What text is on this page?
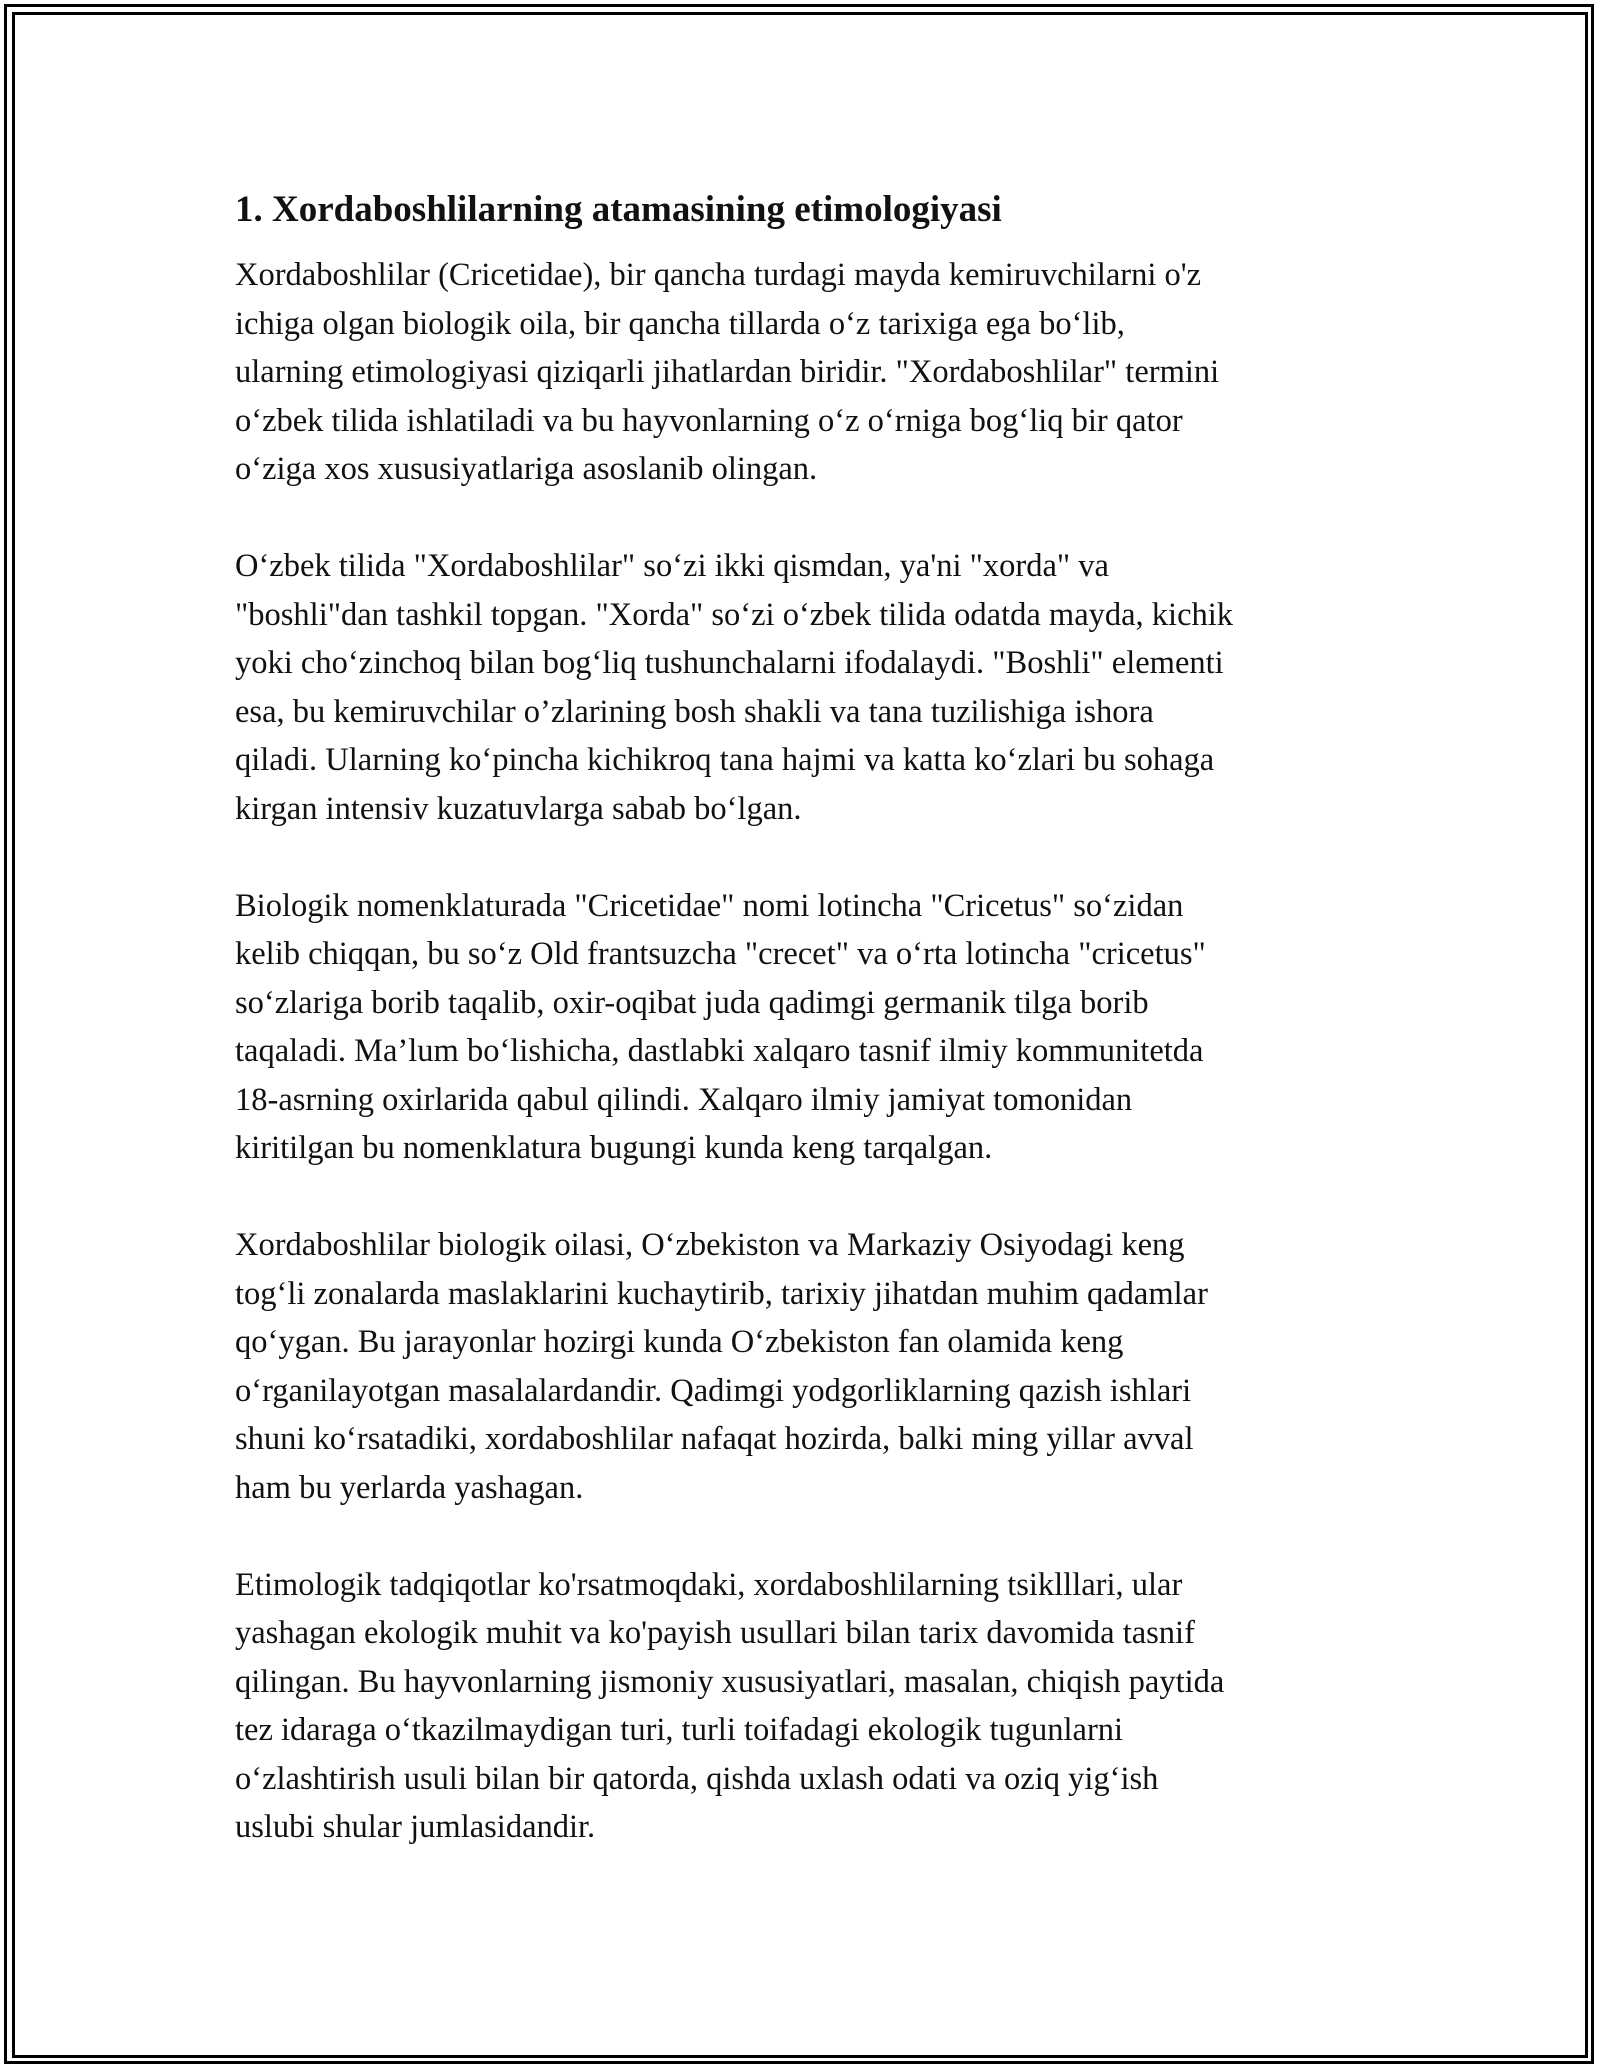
1. Xordaboshlilarning atamasining etimologiyasi

Xordaboshlilar (Cricetidae), bir qancha turdagi mayda kemiruvchilarni o'z
ichiga olgan biologik oila, bir qancha tillarda o‘z tarixiga ega bo‘lib,
ularning etimologiyasi qiziqarli jihatlardan biridir. "Xordaboshlilar" termini
o‘zbek tilida ishlatiladi va bu hayvonlarning o‘z o‘rniga bog‘liq bir qator
o‘ziga xos xususiyatlariga asoslanib olingan.

O‘zbek tilida "Xordaboshlilar" so‘zi ikki qismdan, ya'ni "xorda" va
"boshli"dan tashkil topgan. "Xorda" so‘zi o‘zbek tilida odatda mayda, kichik
yoki cho‘zinchoq bilan bog‘liq tushunchalarni ifodalaydi. "Boshli" elementi
esa, bu kemiruvchilar o’zlarining bosh shakli va tana tuzilishiga ishora
qiladi. Ularning ko‘pincha kichikroq tana hajmi va katta ko‘zlari bu sohaga
kirgan intensiv kuzatuvlarga sabab bo‘lgan.

Biologik nomenklaturada "Cricetidae" nomi lotincha "Cricetus" so‘zidan
kelib chiqqan, bu so‘z Old frantsuzcha "crecet" va o‘rta lotincha "cricetus"
so‘zlariga borib taqalib, oxir-oqibat juda qadimgi germanik tilga borib
taqaladi. Ma’lum bo‘lishicha, dastlabki xalqaro tasnif ilmiy kommunitetda
18-asrning oxirlarida qabul qilindi. Xalqaro ilmiy jamiyat tomonidan
kiritilgan bu nomenklatura bugungi kunda keng tarqalgan.

Xordaboshlilar biologik oilasi, O‘zbekiston va Markaziy Osiyodagi keng
tog‘li zonalarda maslaklarini kuchaytirib, tarixiy jihatdan muhim qadamlar
qo‘ygan. Bu jarayonlar hozirgi kunda O‘zbekiston fan olamida keng
o‘rganilayotgan masalalardandir. Qadimgi yodgorliklarning qazish ishlari
shuni ko‘rsatadiki, xordaboshlilar nafaqat hozirda, balki ming yillar avval
ham bu yerlarda yashagan.

Etimologik tadqiqotlar ko'rsatmoqdaki, xordaboshlilarning tsiklllari, ular
yashagan ekologik muhit va ko'payish usullari bilan tarix davomida tasnif
qilingan. Bu hayvonlarning jismoniy xususiyatlari, masalan, chiqish paytida
tez idaraga o‘tkazilmaydigan turi, turli toifadagi ekologik tugunlarni
o‘zlashtirish usuli bilan bir qatorda, qishda uxlash odati va oziq yig‘ish
uslubi shular jumlasidandir.
